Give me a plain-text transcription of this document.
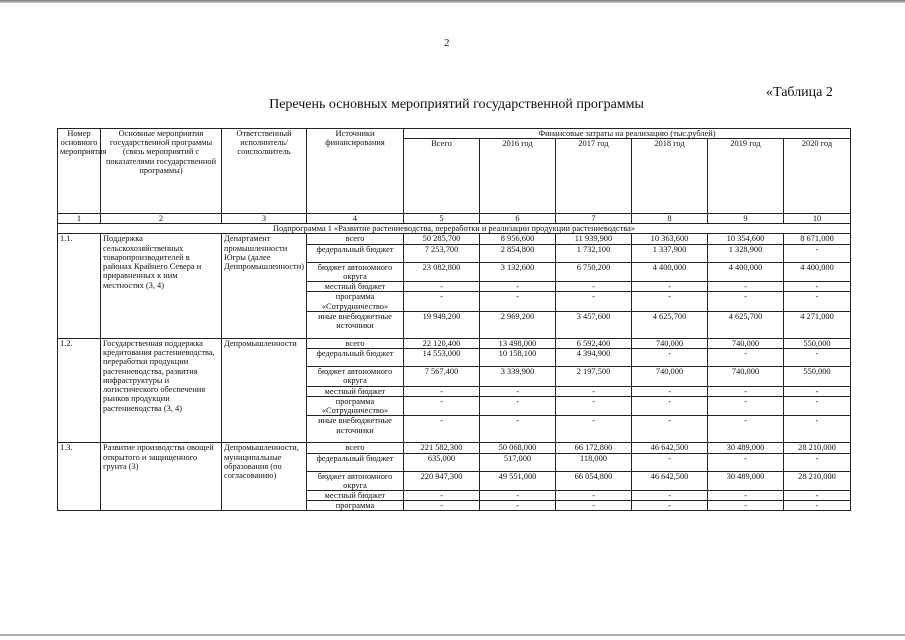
2
«Таблица 2
Перечень основных мероприятий государственной программы
Номер основного мероприятия	Основные мероприятия государственной программы (связь мероприятий с показателями государственной программы)	Ответственный исполнитель/соисполнитель	Источники финансирования	Финансовые затраты на реализацию (тыс.рублей)					
				Всего	2016 год	2017 год	2018 год	2019 год	2020 год
1	2	3	4	5	6	7	8	9	10
Подпрограмма 1 «Развитие растениеводства, переработки и реализации продукции растениеводства»									
1.1.	Поддержка сельскохозяйственных товаропроизводителей в районах Крайнего Севера и приравненных к ним местностях (3, 4)	Департамент промышленности Югры (далее Деппромышленности)	всего	50 285,700	8 956,600	11 939,900	10 363,600	10 354,600	8 671,000
			федеральный бюджет	7 253,700	2 854,800	1 732,100	1 337,900	1 328,900	-
			бюджет автономного округа	23 082,800	3 132,600	6 750,200	4 400,000	4 400,000	4 400,000
			местный бюджет	-	-	-	-	-	-
			программа «Сотрудничество»	-	-	-	-	-	-
			иные внебюджетные источники	19 949,200	2 969,200	3 457,600	4 625,700	4 625,700	4 271,000
1.2.	Государственная поддержка кредитования растениеводства, переработки продукции растениеводства, развития инфраструктуры и логистического обеспечения рынков продукции растениеводства (3, 4)	Депромышленности	всего	22 120,400	13 498,000	6 592,400	740,000	740,000	550,000
			федеральный бюджет	14 553,000	10 158,100	4 394,900	-	-	-
			бюджет автономного округа	7 567,400	3 339,900	2 197,500	740,000	740,000	550,000
			местный бюджет	-	-	-	-	-	-
			программа «Сотрудничество»	-	-	-	-	-	-
			иные внебюджетные источники	-	-	-	-	-	-
1.3.	Развитие производства овощей открытого и защищенного грунта (3)	Депромышленности, муниципальные образования (по согласованию)	всего	221 582,300	50 068,000	66 172,800	46 642,500	30 489,000	28 210,000
			федеральный бюджет	635,000	517,000	118,000	-	-	-
			бюджет автономного округа	220 947,300	49 551,000	66 054,800	46 642,500	30 489,000	28 210,000
			местный бюджет	-	-	-	-	-	-
			программа	-	-	-	-	-	-
